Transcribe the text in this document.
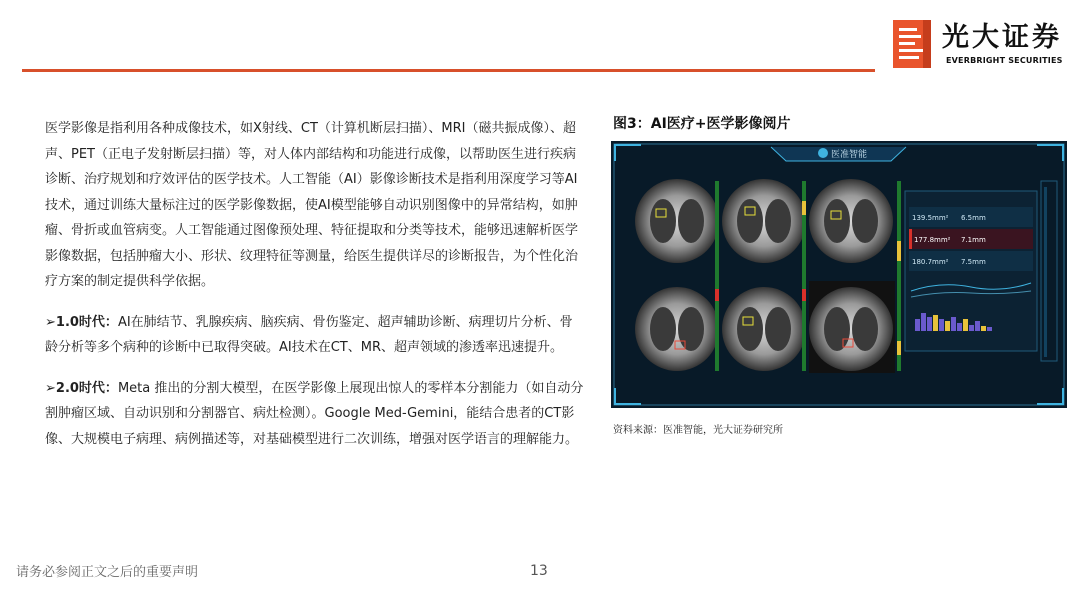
光大证券
EVERBRIGHT SECURITIES

医学影像是指利用各种成像技术，如X射线、CT（计算机断层扫描）、MRI（磁共振成像）、超声、PET（正电子发射断层扫描）等，对人体内部结构和功能进行成像，以帮助医生进行疾病诊断、治疗规划和疗效评估的医学技术。人工智能（AI）影像诊断技术是指利用深度学习等AI技术，通过训练大量标注过的医学影像数据，使AI模型能够自动识别图像中的异常结构，如肿瘤、骨折或血管病变。人工智能通过图像预处理、特征提取和分类等技术，能够迅速解析医学影像数据，包括肿瘤大小、形状、纹理特征等测量，给医生提供详尽的诊断报告，为个性化治疗方案的制定提供科学依据。

➢1.0时代：AI在肺结节、乳腺疾病、脑疾病、骨伤鉴定、超声辅助诊断、病理切片分析、骨龄分析等多个病种的诊断中已取得突破。AI技术在CT、MR、超声领域的渗透率迅速提升。

➢2.0时代：Meta 推出的分割大模型，在医学影像上展现出惊人的零样本分割能力（如自动分割肿瘤区域、自动识别和分割器官、病灶检测）。Google Med-Gemini，能结合患者的CT影像、大规模电子病理、病例描述等，对基础模型进行二次训练，增强对医学语言的理解能力。

图3：AI医疗+医学影像阅片
医准智能
139.5mm² 6.5mm
177.8mm² 7.1mm
180.7mm² 7.5mm
资料来源：医准智能，光大证券研究所
请务必参阅正文之后的重要声明	13
